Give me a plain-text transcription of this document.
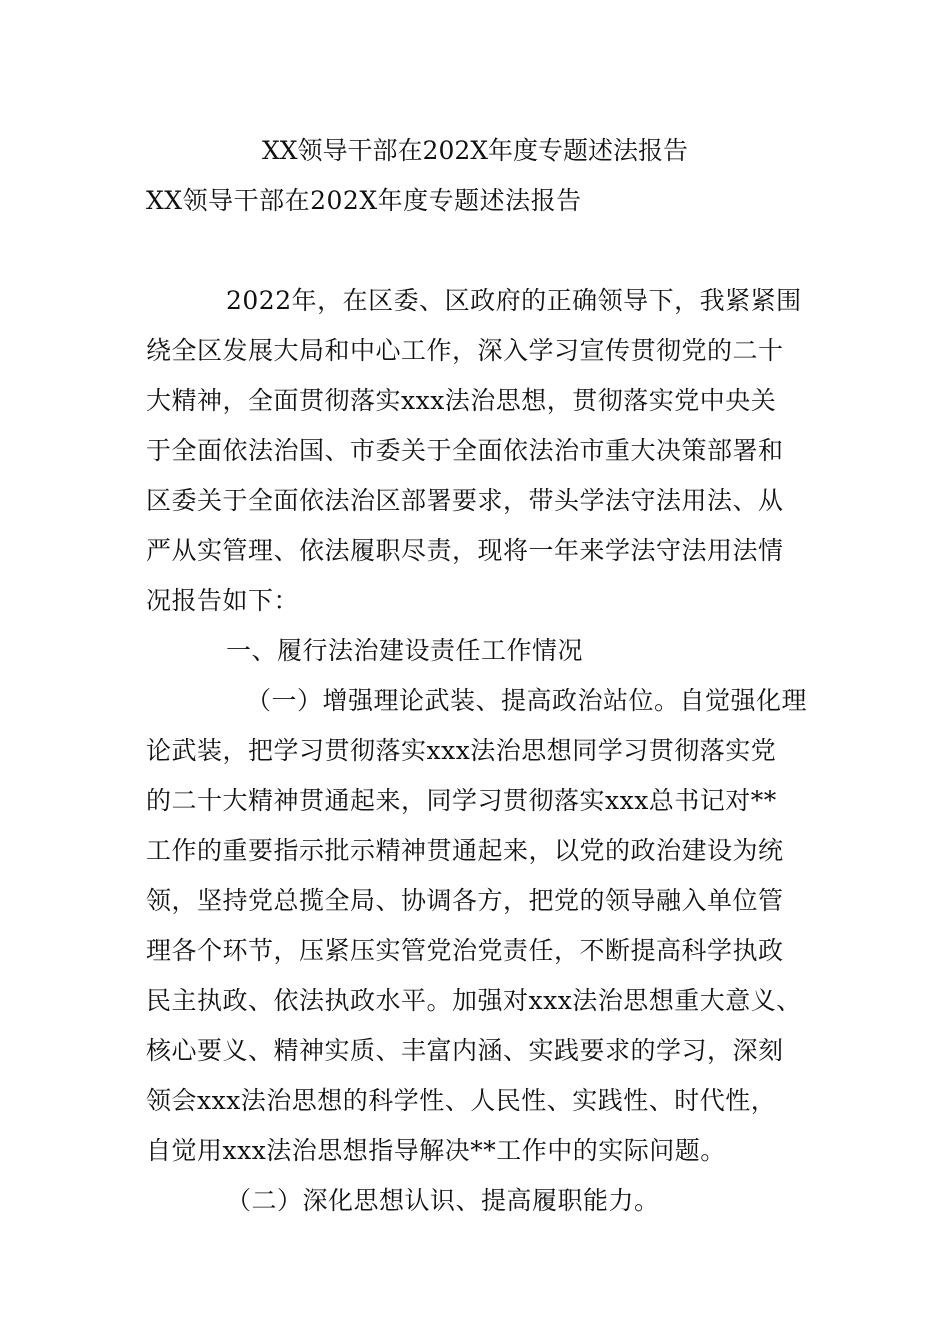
XX领导干部在202X年度专题述法报告
XX领导干部在202X年度专题述法报告
2022年，在区委、区政府的正确领导下，我紧紧围
绕全区发展大局和中心工作，深入学习宣传贯彻党的二十
大精神，全面贯彻落实xxx法治思想，贯彻落实党中央关
于全面依法治国、市委关于全面依法治市重大决策部署和
区委关于全面依法治区部署要求，带头学法守法用法、从
严从实管理、依法履职尽责，现将一年来学法守法用法情
况报告如下：
一、履行法治建设责任工作情况
（一）增强理论武装、提高政治站位。自觉强化理
论武装，把学习贯彻落实xxx法治思想同学习贯彻落实党
的二十大精神贯通起来，同学习贯彻落实xxx总书记对**
工作的重要指示批示精神贯通起来，以党的政治建设为统
领，坚持党总揽全局、协调各方，把党的领导融入单位管
理各个环节，压紧压实管党治党责任，不断提高科学执政
民主执政、依法执政水平。加强对xxx法治思想重大意义、
核心要义、精神实质、丰富内涵、实践要求的学习，深刻
领会xxx法治思想的科学性、人民性、实践性、时代性，
自觉用xxx法治思想指导解决**工作中的实际问题。
（二）深化思想认识、提高履职能力。
